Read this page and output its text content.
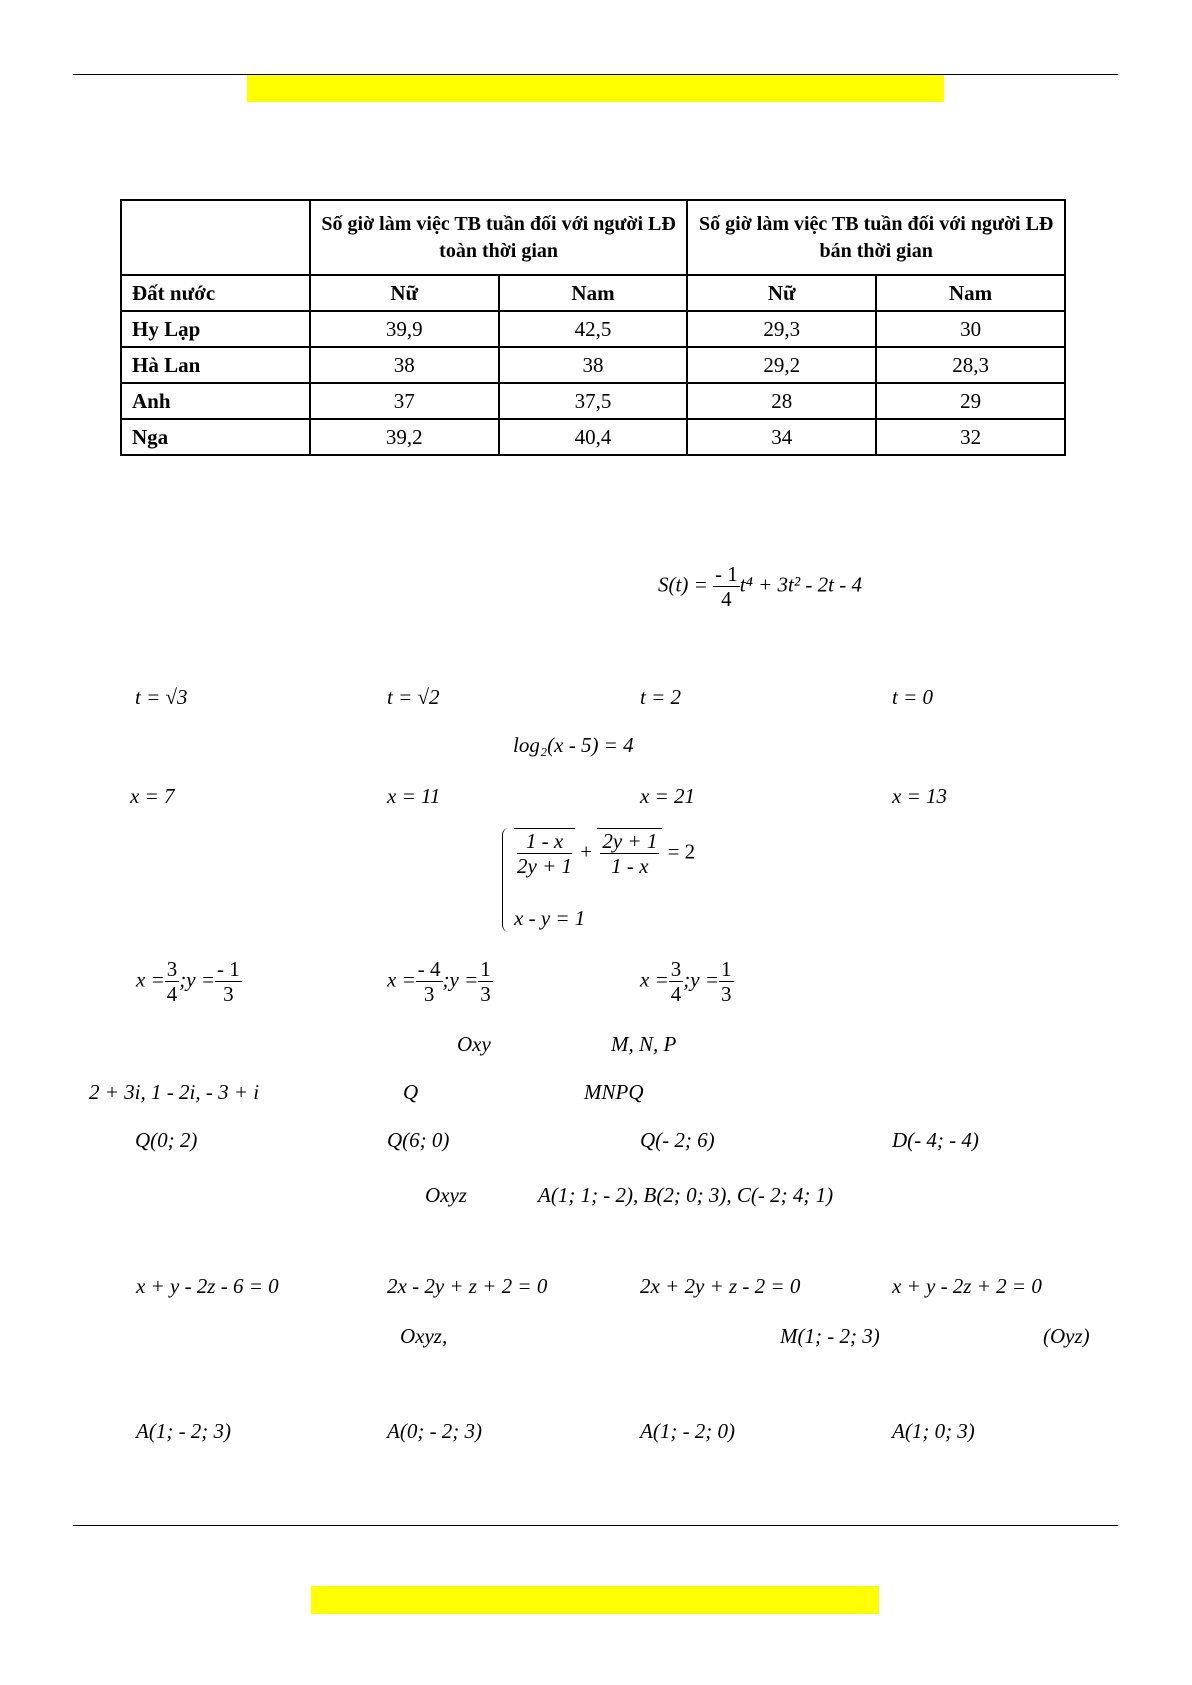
	Số giờ làm việc TB tuần đối với người LĐ toàn thời gian		Số giờ làm việc TB tuần đối với người LĐ bán thời gian	
Đất nước	Nữ	Nam	Nữ	Nam
Hy Lạp	39,9	42,5	29,3	30
Hà Lan	38	38	29,2	28,3
Anh	37	37,5	28	29
Nga	39,2	40,4	34	32
$S(t) = \frac{- 1}{4} t^4 + 3t^2 - 2t - 4$
t = √3	t = √2	t = 2	t = 0
log₂(x - 5) = 4
x = 7	x = 11	x = 21	x = 13
$\frac{1 - x}{2y + 1} + \frac{2y + 1}{1 - x} = 2$
x - y = 1
$x = \frac{3}{4}$ ;y = $\frac{- 1}{3}$	$x = \frac{- 4}{3}$ ;y = $\frac{1}{3}$	$x = \frac{3}{4}$ ;y = $\frac{1}{3}$
Oxy	M, N, P
2 + 3i, 1 - 2i, - 3 + i	Q	MNPQ
Q(0; 2)	Q(6; 0)	Q(- 2; 6)	D(- 4; - 4)
Oxyz	A(1; 1; - 2), B(2; 0; 3), C(- 2; 4; 1)
x + y - 2z - 6 = 0	2x - 2y + z + 2 = 0	2x + 2y + z - 2 = 0	x + y - 2z + 2 = 0
Oxyz,	M(1; - 2; 3)	(Oyz)
A(1; - 2; 3)	A(0; - 2; 3)	A(1; - 2; 0)	A(1; 0; 3)
